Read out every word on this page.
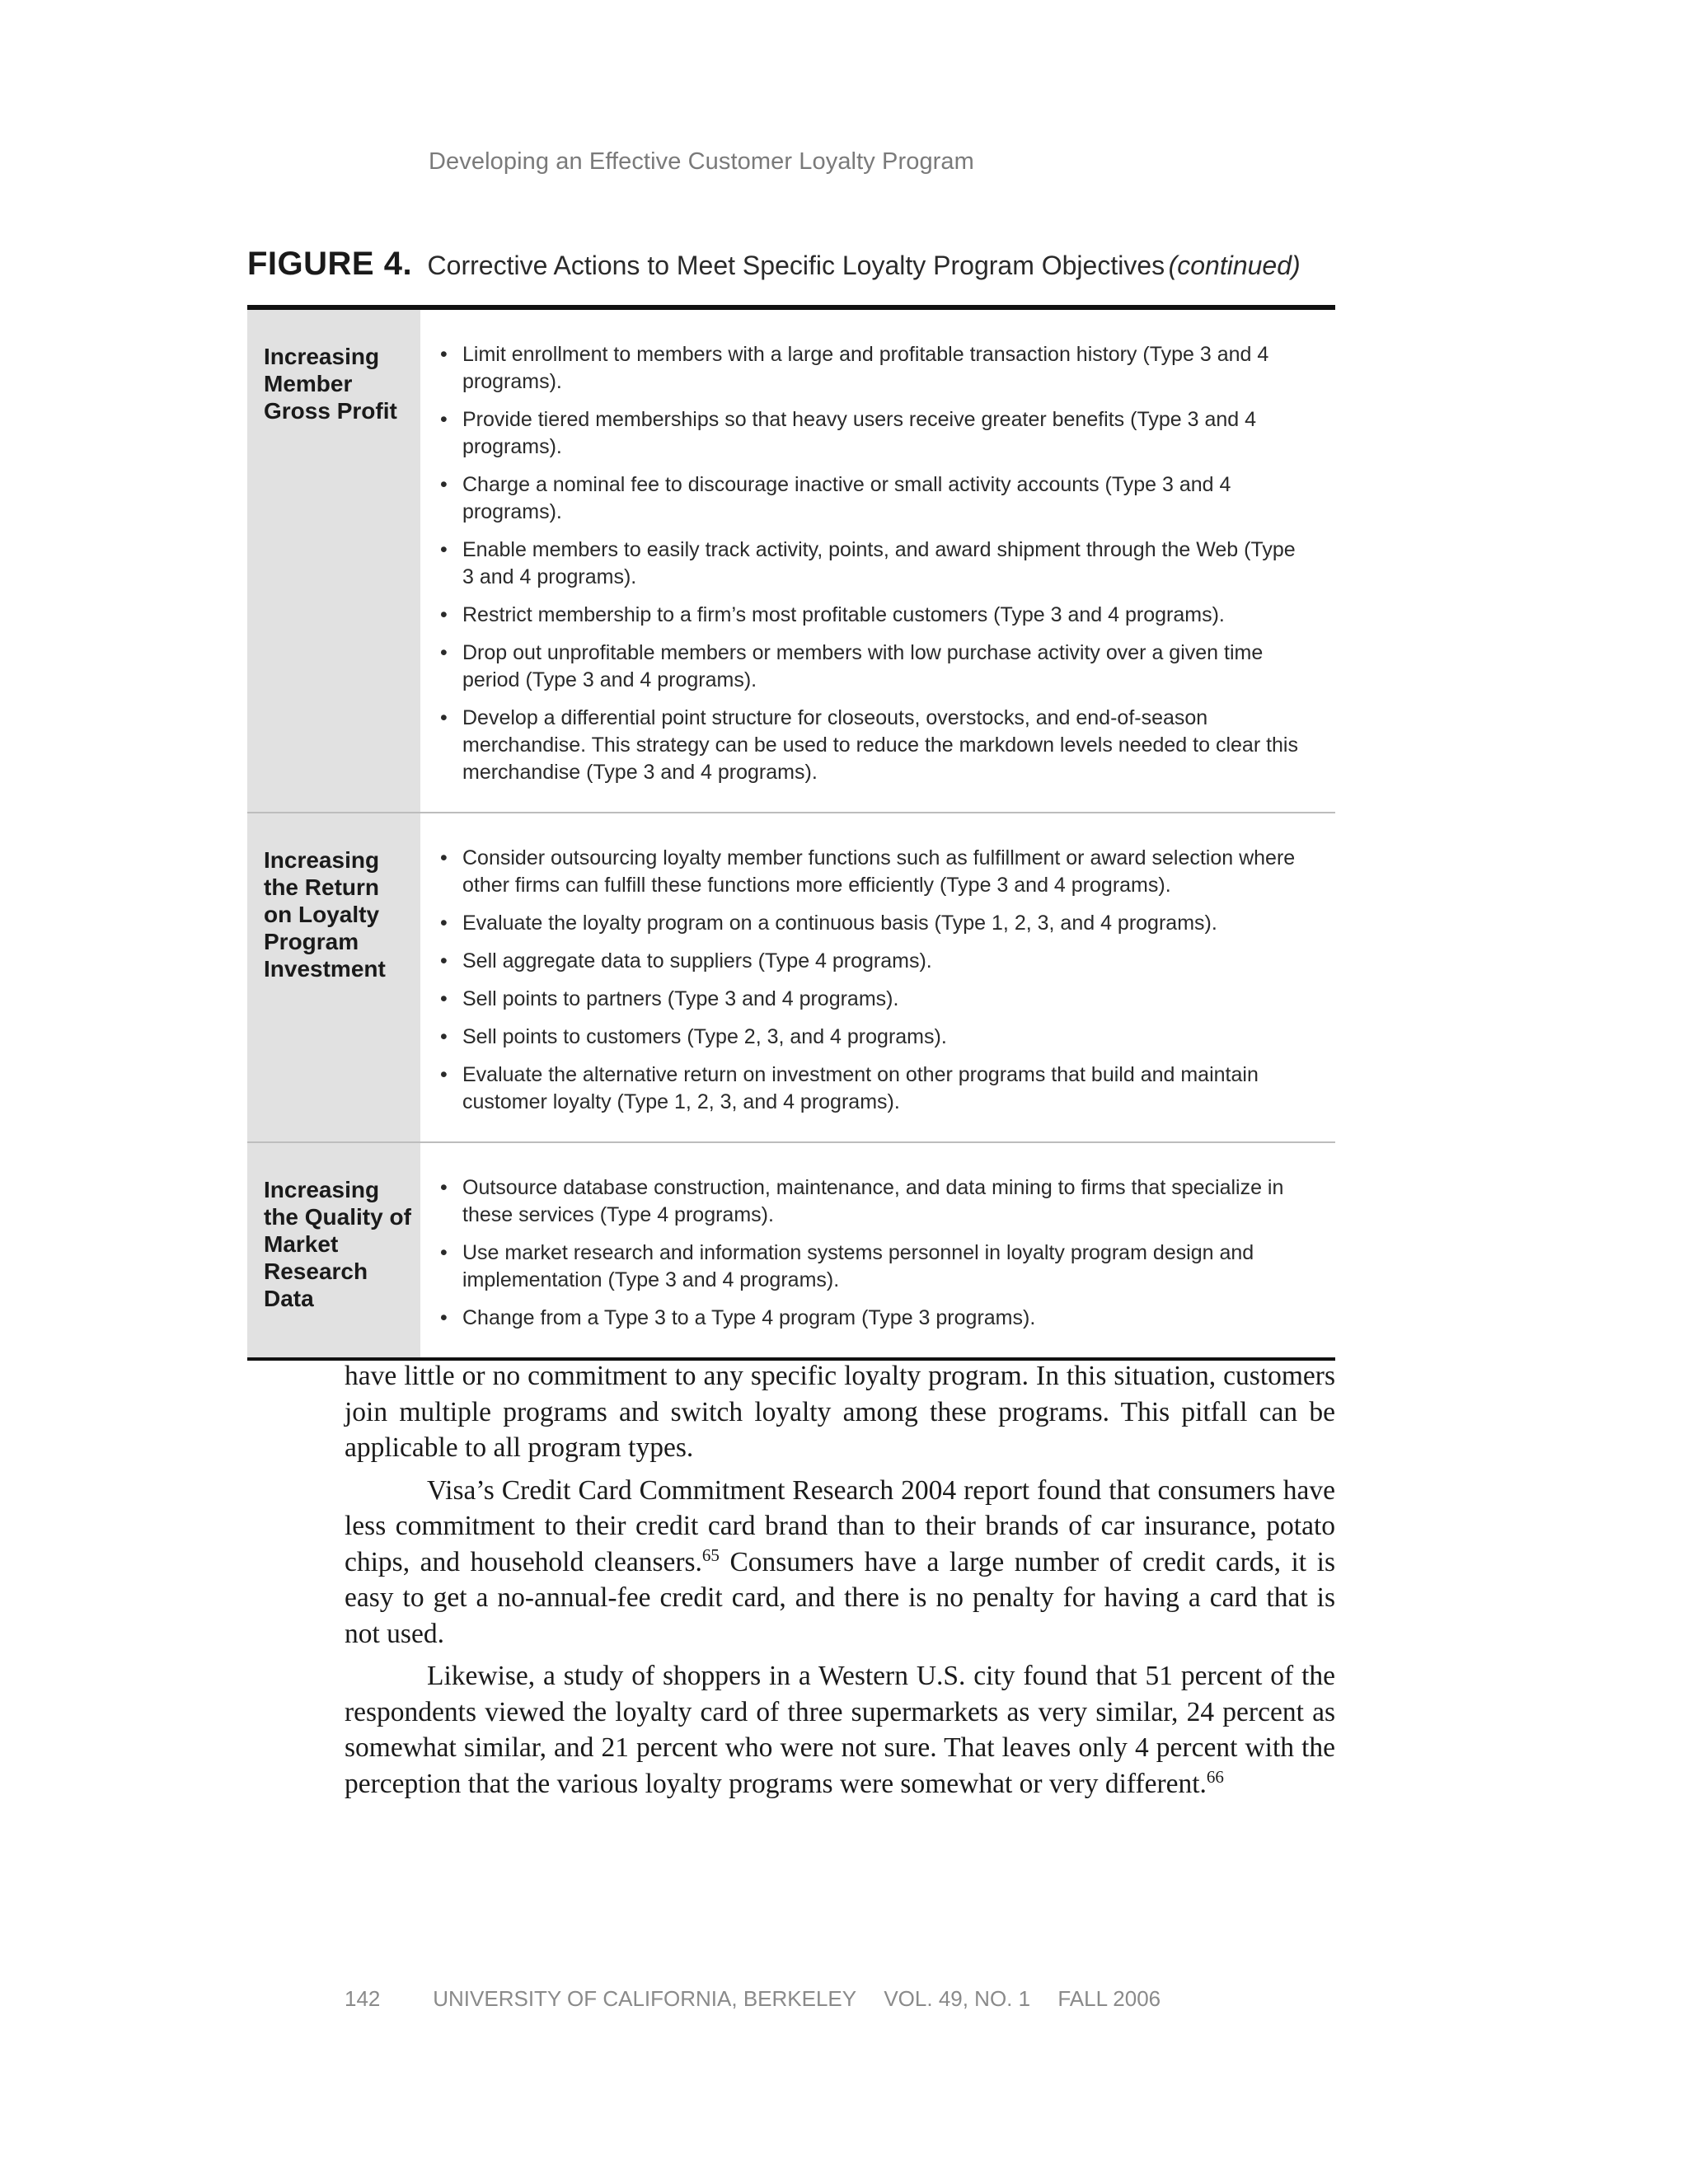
Developing an Effective Customer Loyalty Program
FIGURE 4. Corrective Actions to Meet Specific Loyalty Program Objectives (continued)
Increasing Member Gross Profit
• Limit enrollment to members with a large and profitable transaction history (Type 3 and 4 programs).
• Provide tiered memberships so that heavy users receive greater benefits (Type 3 and 4 programs).
• Charge a nominal fee to discourage inactive or small activity accounts (Type 3 and 4 programs).
• Enable members to easily track activity, points, and award shipment through the Web (Type 3 and 4 programs).
• Restrict membership to a firm’s most profitable customers (Type 3 and 4 programs).
• Drop out unprofitable members or members with low purchase activity over a given time period (Type 3 and 4 programs).
• Develop a differential point structure for closeouts, overstocks, and end-of-season merchandise. This strategy can be used to reduce the markdown levels needed to clear this merchandise (Type 3 and 4 programs).
Increasing the Return on Loyalty Program Investment
• Consider outsourcing loyalty member functions such as fulfillment or award selection where other firms can fulfill these functions more efficiently (Type 3 and 4 programs).
• Evaluate the loyalty program on a continuous basis (Type 1, 2, 3, and 4 programs).
• Sell aggregate data to suppliers (Type 4 programs).
• Sell points to partners (Type 3 and 4 programs).
• Sell points to customers (Type 2, 3, and 4 programs).
• Evaluate the alternative return on investment on other programs that build and maintain customer loyalty (Type 1, 2, 3, and 4 programs).
Increasing the Quality of Market Research Data
• Outsource database construction, maintenance, and data mining to firms that specialize in these services (Type 4 programs).
• Use market research and information systems personnel in loyalty program design and implementation (Type 3 and 4 programs).
• Change from a Type 3 to a Type 4 program (Type 3 programs).

have little or no commitment to any specific loyalty program. In this situation, customers join multiple programs and switch loyalty among these programs. This pitfall can be applicable to all program types.

Visa’s Credit Card Commitment Research 2004 report found that consumers have less commitment to their credit card brand than to their brands of car insurance, potato chips, and household cleansers.$^{65}$ Consumers have a large number of credit cards, it is easy to get a no-annual-fee credit card, and there is no penalty for having a card that is not used.

Likewise, a study of shoppers in a Western U.S. city found that 51 percent of the respondents viewed the loyalty card of three supermarkets as very similar, 24 percent as somewhat similar, and 21 percent who were not sure. That leaves only 4 percent with the perception that the various loyalty programs were somewhat or very different.$^{66}$

142 UNIVERSITY OF CALIFORNIA, BERKELEY VOL. 49, NO. 1 FALL 2006
